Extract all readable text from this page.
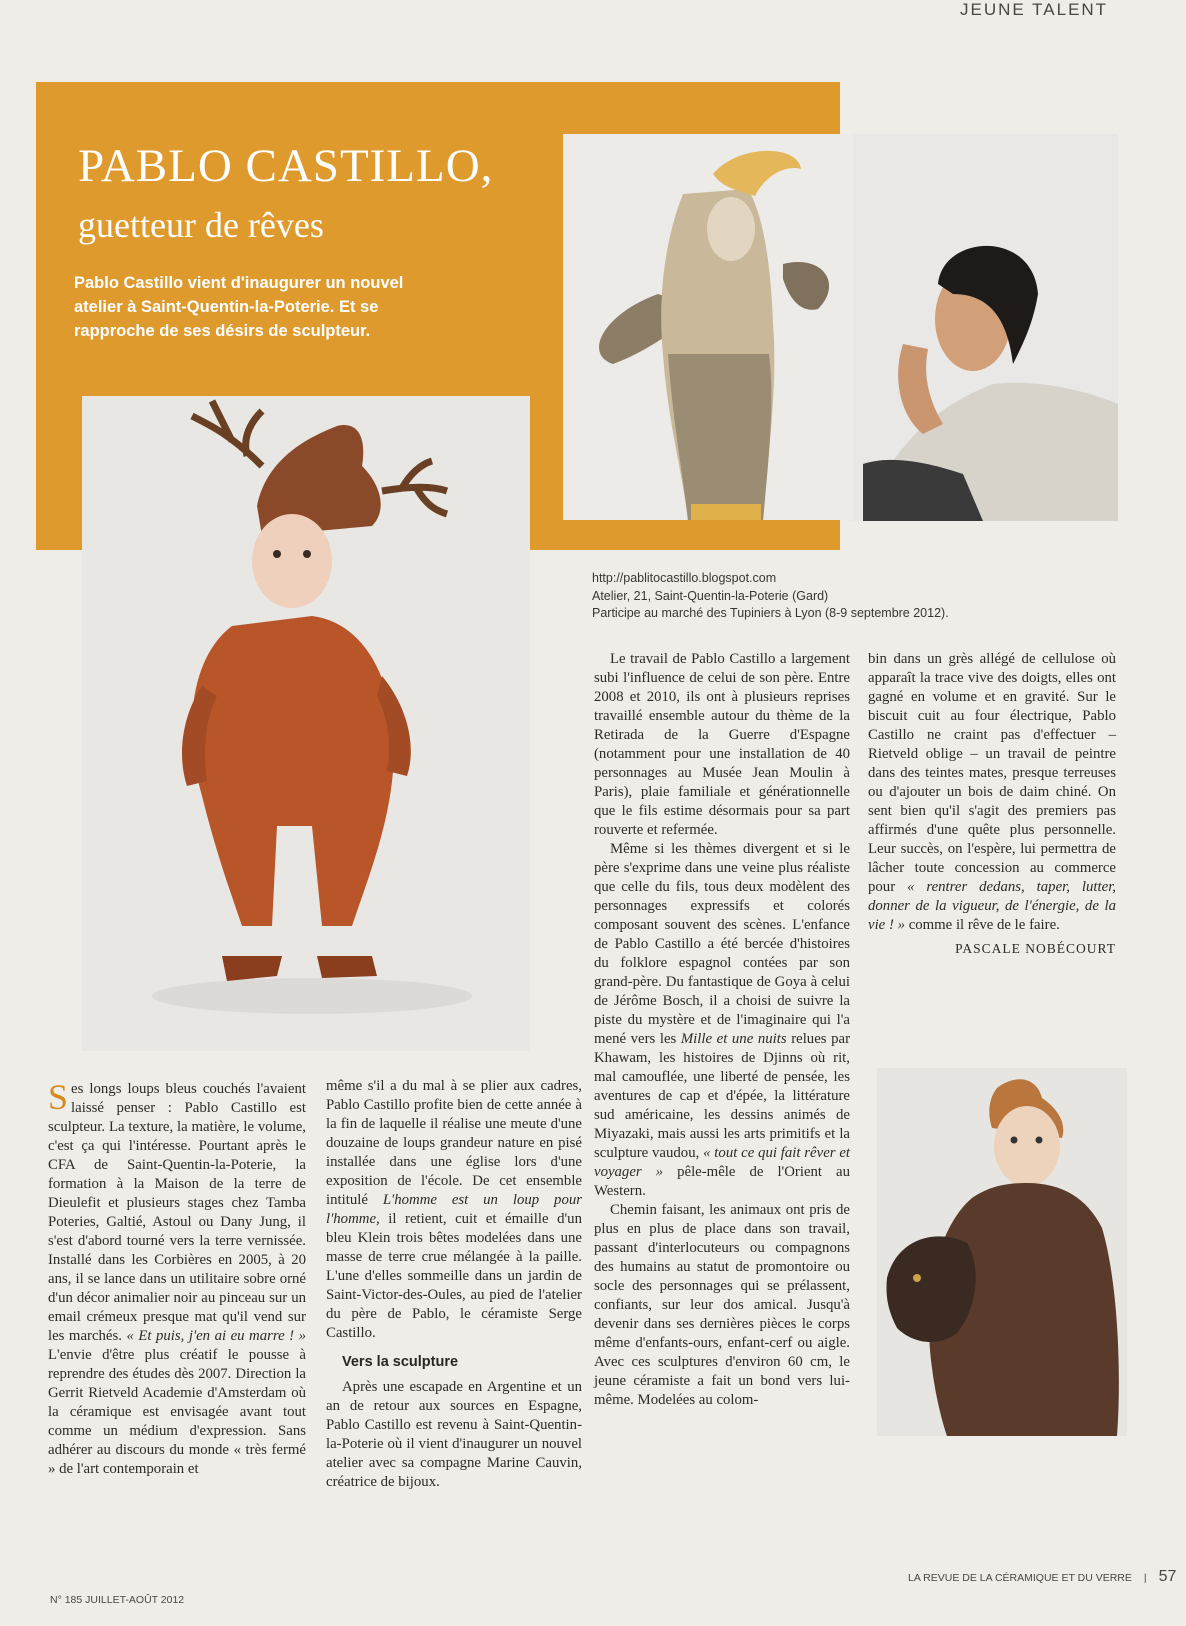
JEUNE TALENT
PABLO CASTILLO,
guetteur de rêves
Pablo Castillo vient d'inaugurer un nouvel atelier à Saint-Quentin-la-Poterie. Et se rapproche de ses désirs de sculpteur.
http://pablitocastillo.blogspot.com
Atelier, 21, Saint-Quentin-la-Poterie (Gard)
Participe au marché des Tupiniers à Lyon (8-9 septembre 2012).

Ses longs loups bleus couchés l'avaient laissé penser : Pablo Castillo est sculpteur. La texture, la matière, le volume, c'est ça qui l'intéresse. Pourtant après le CFA de Saint-Quentin-la-Poterie, la formation à la Maison de la terre de Dieulefit et plusieurs stages chez Tamba Poteries, Galtié, Astoul ou Dany Jung, il s'est d'abord tourné vers la terre vernissée. Installé dans les Corbières en 2005, à 20 ans, il se lance dans un utilitaire sobre orné d'un décor animalier noir au pinceau sur un email crémeux presque mat qu'il vend sur les marchés. « Et puis, j'en ai eu marre ! » L'envie d'être plus créatif le pousse à reprendre des études dès 2007. Direction la Gerrit Rietveld Academie d'Amsterdam où la céramique est envisagée avant tout comme un médium d'expression. Sans adhérer au discours du monde « très fermé » de l'art contemporain et

même s'il a du mal à se plier aux cadres, Pablo Castillo profite bien de cette année à la fin de laquelle il réalise une meute d'une douzaine de loups grandeur nature en pisé installée dans une église lors d'une exposition de l'école. De cet ensemble intitulé L'homme est un loup pour l'homme, il retient, cuit et émaille d'un bleu Klein trois bêtes modelées dans une masse de terre crue mélangée à la paille. L'une d'elles sommeille dans un jardin de Saint-Victor-des-Oules, au pied de l'atelier du père de Pablo, le céramiste Serge Castillo.

Vers la sculpture

Après une escapade en Argentine et un an de retour aux sources en Espagne, Pablo Castillo est revenu à Saint-Quentin-la-Poterie où il vient d'inaugurer un nouvel atelier avec sa compagne Marine Cauvin, créatrice de bijoux.

Le travail de Pablo Castillo a largement subi l'influence de celui de son père. Entre 2008 et 2010, ils ont à plusieurs reprises travaillé ensemble autour du thème de la Retirada de la Guerre d'Espagne (notamment pour une installation de 40 personnages au Musée Jean Moulin à Paris), plaie familiale et générationnelle que le fils estime désormais pour sa part rouverte et refermée.

Même si les thèmes divergent et si le père s'exprime dans une veine plus réaliste que celle du fils, tous deux modèlent des personnages expressifs et colorés composant souvent des scènes. L'enfance de Pablo Castillo a été bercée d'histoires du folklore espagnol contées par son grand-père. Du fantastique de Goya à celui de Jérôme Bosch, il a choisi de suivre la piste du mystère et de l'imaginaire qui l'a mené vers les Mille et une nuits relues par Khawam, les histoires de Djinns où rit, mal camouflée, une liberté de pensée, les aventures de cap et d'épée, la littérature sud américaine, les dessins animés de Miyazaki, mais aussi les arts primitifs et la sculpture vaudou, « tout ce qui fait rêver et voyager » pêle-mêle de l'Orient au Western.

Chemin faisant, les animaux ont pris de plus en plus de place dans son travail, passant d'interlocuteurs ou compagnons des humains au statut de promontoire ou socle des personnages qui se prélassent, confiants, sur leur dos amical. Jusqu'à devenir dans ses dernières pièces le corps même d'enfants-ours, enfant-cerf ou aigle. Avec ces sculptures d'environ 60 cm, le jeune céramiste a fait un bond vers lui-même. Modelées au colom-

bin dans un grès allégé de cellulose où apparaît la trace vive des doigts, elles ont gagné en volume et en gravité. Sur le biscuit cuit au four électrique, Pablo Castillo ne craint pas d'effectuer – Rietveld oblige – un travail de peintre dans des teintes mates, presque terreuses ou d'ajouter un bois de daim chiné. On sent bien qu'il s'agit des premiers pas affirmés d'une quête plus personnelle. Leur succès, on l'espère, lui permettra de lâcher toute concession au commerce pour « rentrer dedans, taper, lutter, donner de la vigueur, de l'énergie, de la vie ! » comme il rêve de le faire.

PASCALE NOBÉCOURT
N° 185 JUILLET-AOÛT 2012
LA REVUE DE LA CÉRAMIQUE ET DU VERRE | 57
